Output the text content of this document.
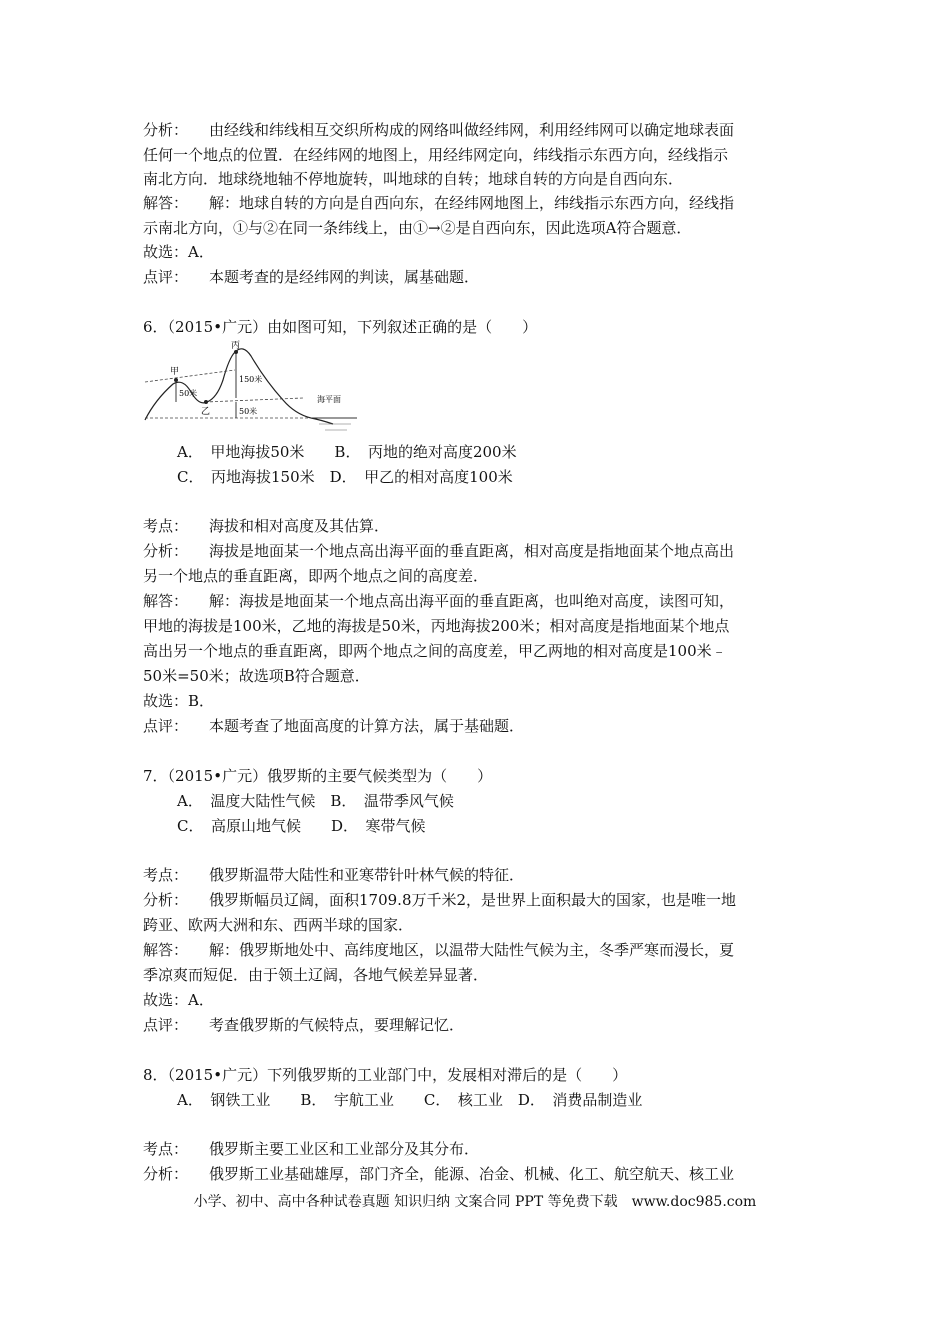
分析： 由经线和纬线相互交织所构成的网络叫做经纬网，利用经纬网可以确定地球表面
任何一个地点的位置．在经纬网的地图上，用经纬网定向，纬线指示东西方向，经线指示
南北方向．地球绕地轴不停地旋转，叫地球的自转；地球自转的方向是自西向东．
解答： 解：地球自转的方向是自西向东，在经纬网地图上，纬线指示东西方向，经线指
示南北方向，①与②在同一条纬线上，由①→②是自西向东，因此选项A符合题意．
故选：A．
点评： 本题考查的是经纬网的判读，属基础题．
6．（2015•广元）由如图可知，下列叙述正确的是（　　）
甲
乙
丙
50米
150米
50米
海平面
A．　甲地海拔50米　　B．　丙地的绝对高度200米
C．　丙地海拔150米　D．　甲乙的相对高度100米
考点： 海拔和相对高度及其估算．
分析： 海拔是地面某一个地点高出海平面的垂直距离，相对高度是指地面某个地点高出
另一个地点的垂直距离，即两个地点之间的高度差．
解答： 解：海拔是地面某一个地点高出海平面的垂直距离，也叫绝对高度，读图可知，
甲地的海拔是100米，乙地的海拔是50米，丙地海拔200米；相对高度是指地面某个地点
高出另一个地点的垂直距离，即两个地点之间的高度差，甲乙两地的相对高度是100米﹣
50米=50米；故选项B符合题意．
故选：B．
点评： 本题考查了地面高度的计算方法，属于基础题．
7．（2015•广元）俄罗斯的主要气候类型为（　　）
A．　温度大陆性气候　B．　温带季风气候
C．　高原山地气候　　D．　寒带气候
考点： 俄罗斯温带大陆性和亚寒带针叶林气候的特征．
分析： 俄罗斯幅员辽阔，面积1709.8万千米2，是世界上面积最大的国家，也是唯一地
跨亚、欧两大洲和东、西两半球的国家．
解答： 解：俄罗斯地处中、高纬度地区，以温带大陆性气候为主，冬季严寒而漫长，夏
季凉爽而短促．由于领土辽阔，各地气候差异显著．
故选：A．
点评： 考查俄罗斯的气候特点，要理解记忆．
8．（2015•广元）下列俄罗斯的工业部门中，发展相对滞后的是（　　）
A．　钢铁工业　　B．　宇航工业　　C．　核工业　D．　消费品制造业
考点： 俄罗斯主要工业区和工业部分及其分布．
分析： 俄罗斯工业基础雄厚，部门齐全，能源、冶金、机械、化工、航空航天、核工业
小学、初中、高中各种试卷真题 知识归纳 文案合同 PPT 等免费下载　www.doc985.com
